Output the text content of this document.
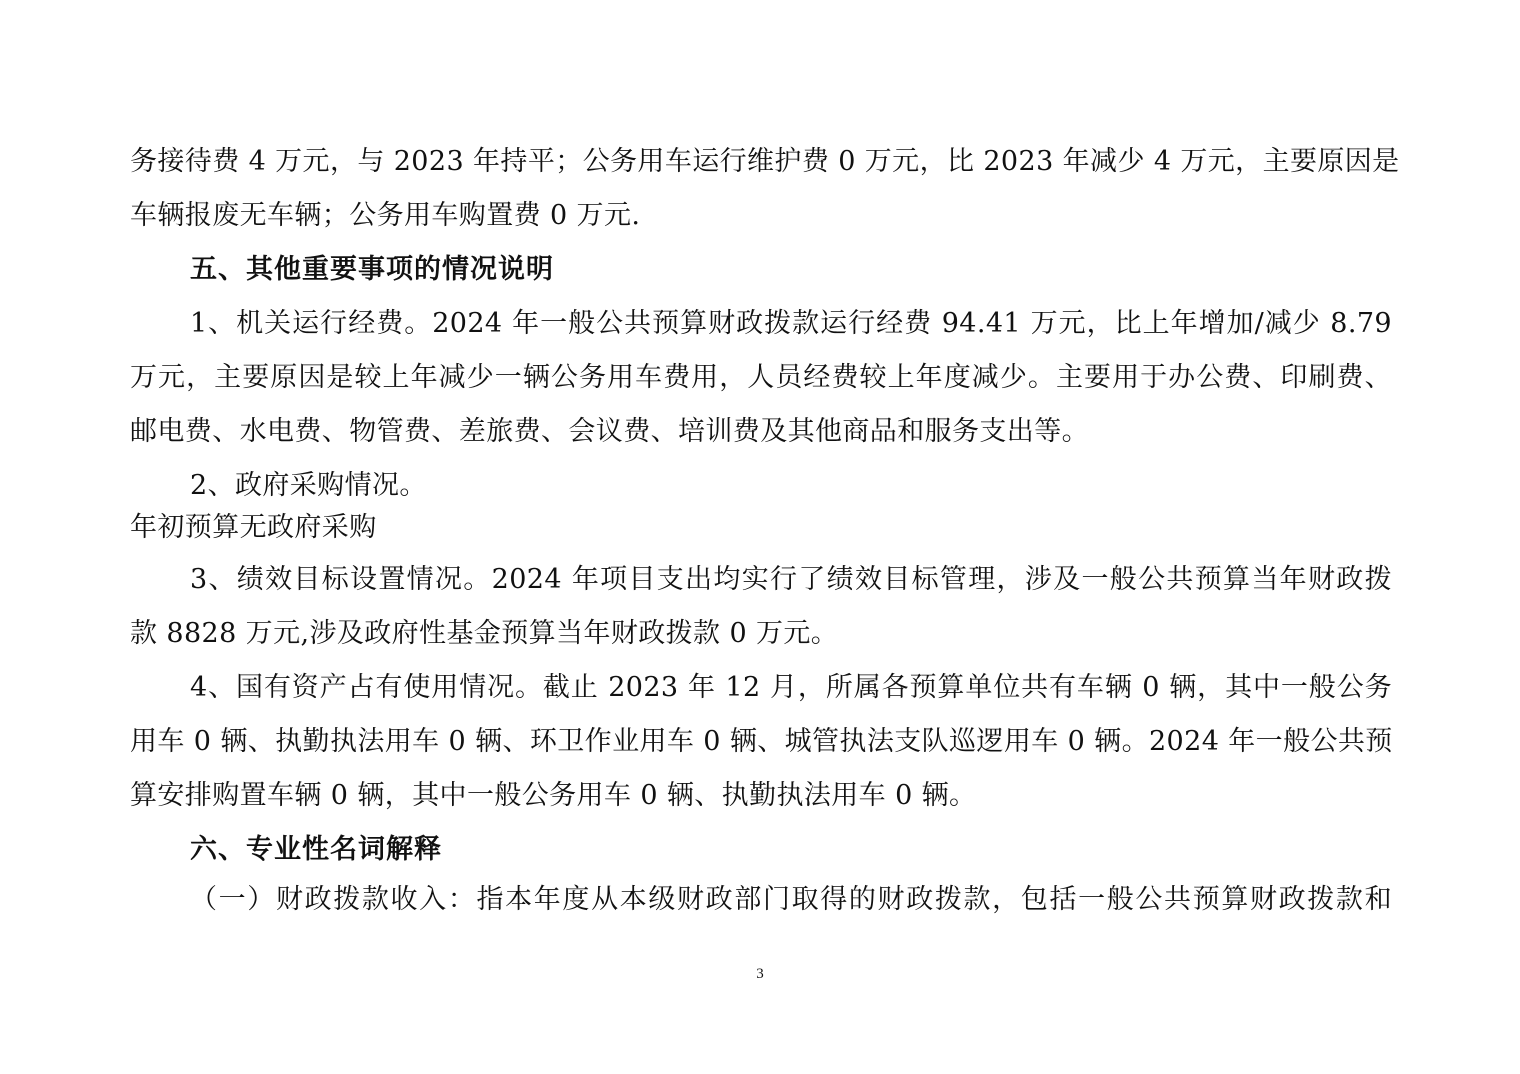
务接待费 4 万元，与 2023 年持平；公务用车运行维护费 0 万元，比 2023 年减少 4 万元，主要原因是
车辆报废无车辆；公务用车购置费 0 万元.
五、其他重要事项的情况说明
1、机关运行经费。2024 年一般公共预算财政拨款运行经费 94.41 万元，比上年增加/减少 8.79
万元，主要原因是较上年减少一辆公务用车费用，人员经费较上年度减少。主要用于办公费、印刷费、
邮电费、水电费、物管费、差旅费、会议费、培训费及其他商品和服务支出等。
2、政府采购情况。
年初预算无政府采购
3、绩效目标设置情况。2024 年项目支出均实行了绩效目标管理，涉及一般公共预算当年财政拨
款 8828 万元,涉及政府性基金预算当年财政拨款 0 万元。
4、国有资产占有使用情况。截止 2023 年 12 月，所属各预算单位共有车辆 0 辆，其中一般公务
用车 0 辆、执勤执法用车 0 辆、环卫作业用车 0 辆、城管执法支队巡逻用车 0 辆。2024 年一般公共预
算安排购置车辆 0 辆，其中一般公务用车 0 辆、执勤执法用车 0 辆。
六、专业性名词解释
（一）财政拨款收入：指本年度从本级财政部门取得的财政拨款，包括一般公共预算财政拨款和
3
